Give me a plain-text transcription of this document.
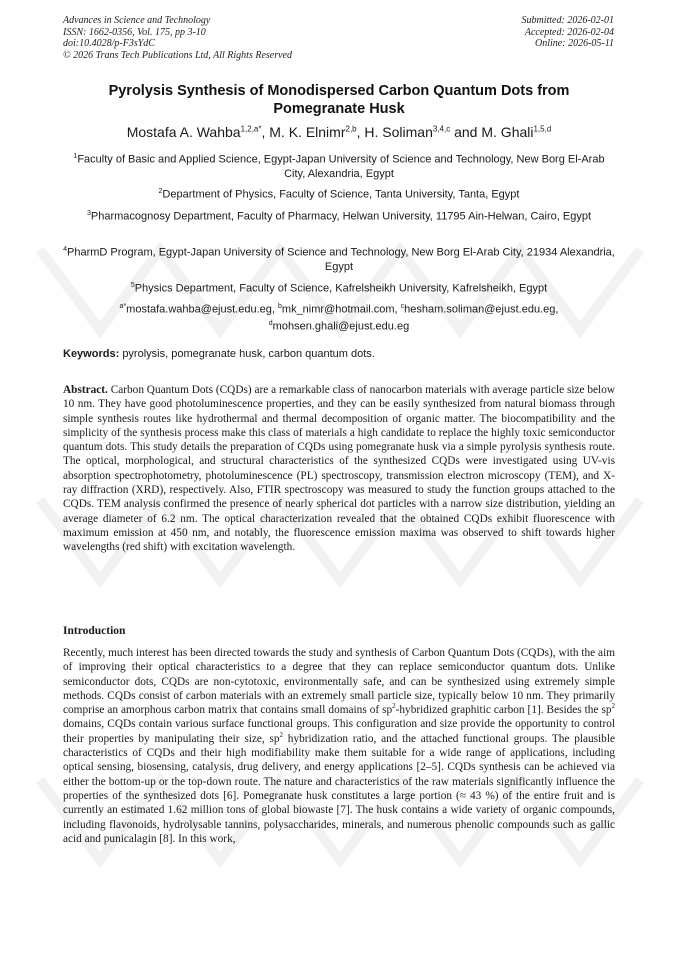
Advances in Science and Technology
ISSN: 1662-0356, Vol. 175, pp 3-10
doi:10.4028/p-F3sYdC
© 2026 Trans Tech Publications Ltd, All Rights Reserved
Submitted: 2026-02-01
Accepted: 2026-02-04
Online: 2026-05-11
Pyrolysis Synthesis of Monodispersed Carbon Quantum Dots from Pomegranate Husk
Mostafa A. Wahba$^{1,2,a*}$, M. K. Elnimr$^{2,b}$, H. Soliman$^{3,4,c}$ and M. Ghali$^{1,5,d}$
$^1$Faculty of Basic and Applied Science, Egypt-Japan University of Science and Technology, New Borg El-Arab City, Alexandria, Egypt
$^2$Department of Physics, Faculty of Science, Tanta University, Tanta, Egypt
$^3$Pharmacognosy Department, Faculty of Pharmacy, Helwan University, 11795 Ain-Helwan, Cairo, Egypt
$^4$PharmD Program, Egypt-Japan University of Science and Technology, New Borg El-Arab City, 21934 Alexandria, Egypt
$^5$Physics Department, Faculty of Science, Kafrelsheikh University, Kafrelsheikh, Egypt
$^{a*}$mostafa.wahba@ejust.edu.eg, $^b$mk_nimr@hotmail.com, $^c$hesham.soliman@ejust.edu.eg,
$^d$mohsen.ghali@ejust.edu.eg
Keywords: pyrolysis, pomegranate husk, carbon quantum dots.
Abstract. Carbon Quantum Dots (CQDs) are a remarkable class of nanocarbon materials with average particle size below 10 nm. They have good photoluminescence properties, and they can be easily synthesized from natural biomass through simple synthesis routes like hydrothermal and thermal decomposition of organic matter. The biocompatibility and the simplicity of the synthesis process make this class of materials a high candidate to replace the highly toxic semiconductor quantum dots. This study details the preparation of CQDs using pomegranate husk via a simple pyrolysis synthesis route. The optical, morphological, and structural characteristics of the synthesized CQDs were investigated using UV-vis absorption spectrophotometry, photoluminescence (PL) spectroscopy, transmission electron microscopy (TEM), and X-ray diffraction (XRD), respectively. Also, FTIR spectroscopy was measured to study the function groups attached to the CQDs. TEM analysis confirmed the presence of nearly spherical dot particles with a narrow size distribution, yielding an average diameter of 6.2 nm. The optical characterization revealed that the obtained CQDs exhibit fluorescence with maximum emission at 450 nm, and notably, the fluorescence emission maxima was observed to shift towards higher wavelengths (red shift) with excitation wavelength.
Introduction
Recently, much interest has been directed towards the study and synthesis of Carbon Quantum Dots (CQDs), with the aim of improving their optical characteristics to a degree that they can replace semiconductor quantum dots. Unlike semiconductor dots, CQDs are non-cytotoxic, environmentally safe, and can be synthesized using extremely simple methods. CQDs consist of carbon materials with an extremely small particle size, typically below 10 nm. They primarily comprise an amorphous carbon matrix that contains small domains of $sp^2$-hybridized graphitic carbon [1]. Besides the $sp^2$ domains, CQDs contain various surface functional groups. This configuration and size provide the opportunity to control their properties by manipulating their size, $sp^2$ hybridization ratio, and the attached functional groups. The plausible characteristics of CQDs and their high modifiability make them suitable for a wide range of applications, including optical sensing, biosensing, catalysis, drug delivery, and energy applications [2–5]. CQDs synthesis can be achieved via either the bottom-up or the top-down route. The nature and characteristics of the raw materials significantly influence the properties of the synthesized dots [6]. Pomegranate husk constitutes a large portion (≈ 43 %) of the entire fruit and is currently an estimated 1.62 million tons of global biowaste [7]. The husk contains a wide variety of organic compounds, including flavonoids, hydrolysable tannins, polysaccharides, minerals, and numerous phenolic compounds such as gallic acid and punicalagin [8]. In this work,
